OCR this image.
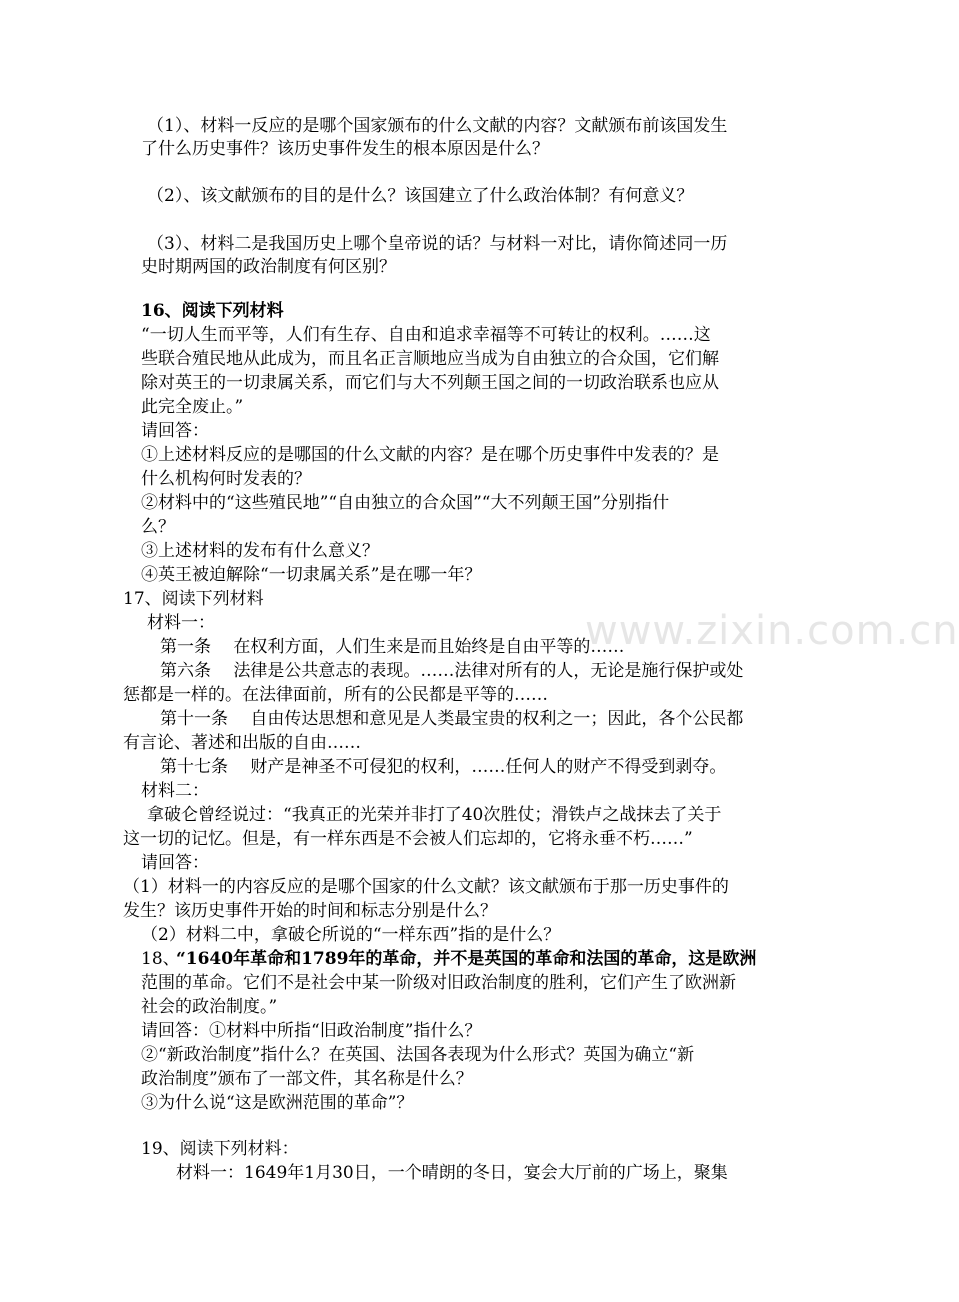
www.zixin.com.cn
（1）、材料一反应的是哪个国家颁布的什么文献的内容？文献颁布前该国发生
了什么历史事件？该历史事件发生的根本原因是什么？
（2）、该文献颁布的目的是什么？该国建立了什么政治体制？有何意义？
（3）、材料二是我国历史上哪个皇帝说的话？与材料一对比，请你简述同一历
史时期两国的政治制度有何区别？
16、阅读下列材料
“一切人生而平等，人们有生存、自由和追求幸福等不可转让的权利。……这
些联合殖民地从此成为，而且名正言顺地应当成为自由独立的合众国，它们解
除对英王的一切隶属关系，而它们与大不列颠王国之间的一切政治联系也应从
此完全废止。”
请回答：
①上述材料反应的是哪国的什么文献的内容？是在哪个历史事件中发表的？是
什么机构何时发表的？
②材料中的“这些殖民地”“自由独立的合众国”“大不列颠王国”分别指什
么？
③上述材料的发布有什么意义？
④英王被迫解除“一切隶属关系”是在哪一年？
17、阅读下列材料
材料一：
第一条　 在权利方面，人们生来是而且始终是自由平等的……
第六条　 法律是公共意志的表现。……法律对所有的人，无论是施行保护或处
惩都是一样的。在法律面前，所有的公民都是平等的……
第十一条　 自由传达思想和意见是人类最宝贵的权利之一；因此，各个公民都
有言论、著述和出版的自由……
第十七条　 财产是神圣不可侵犯的权利，……任何人的财产不得受到剥夺。
材料二：
拿破仑曾经说过：“我真正的光荣并非打了40次胜仗；滑铁卢之战抹去了关于
这一切的记忆。但是，有一样东西是不会被人们忘却的，它将永垂不朽……”
请回答：
（1）材料一的内容反应的是哪个国家的什么文献？该文献颁布于那一历史事件的
发生？该历史事件开始的时间和标志分别是什么？
（2）材料二中，拿破仑所说的“一样东西”指的是什么？
18、
“1640年革命和1789年的革命，并不是英国的革命和法国的革命，这是欧洲
范围的革命。它们不是社会中某一阶级对旧政治制度的胜利，它们产生了欧洲新
社会的政治制度。”
请回答：①材料中所指“旧政治制度”指什么？
②“新政治制度”指什么？在英国、法国各表现为什么形式？英国为确立“新
政治制度”颁布了一部文件，其名称是什么？
③为什么说“这是欧洲范围的革命”？
19、阅读下列材料：
材料一：1649年1月30日，一个晴朗的冬日，宴会大厅前的广场上，聚集
